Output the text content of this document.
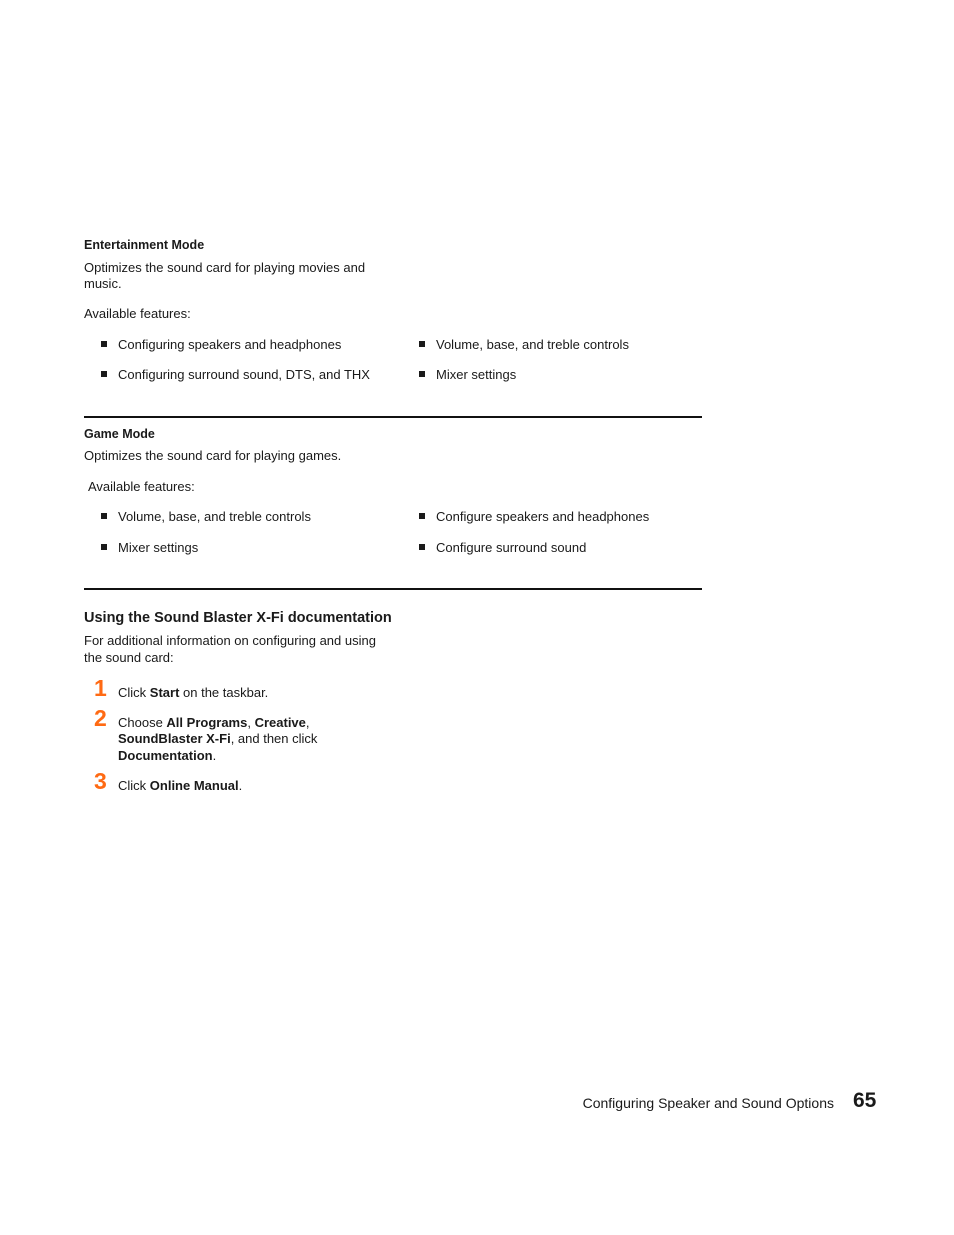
Entertainment Mode
Optimizes the sound card for playing movies and
music.
Available features:
Configuring speakers and headphones
Configuring surround sound, DTS, and THX
Volume, base, and treble controls
Mixer settings
Game Mode
Optimizes the sound card for playing games.
Available features:
Volume, base, and treble controls
Mixer settings
Configure speakers and headphones
Configure surround sound
Using the Sound Blaster X-Fi documentation
For additional information on configuring and using
the sound card:
1 Click Start on the taskbar.
2 Choose All Programs, Creative,
SoundBlaster X-Fi, and then click
Documentation.
3 Click Online Manual.
Configuring Speaker and Sound Options 65
